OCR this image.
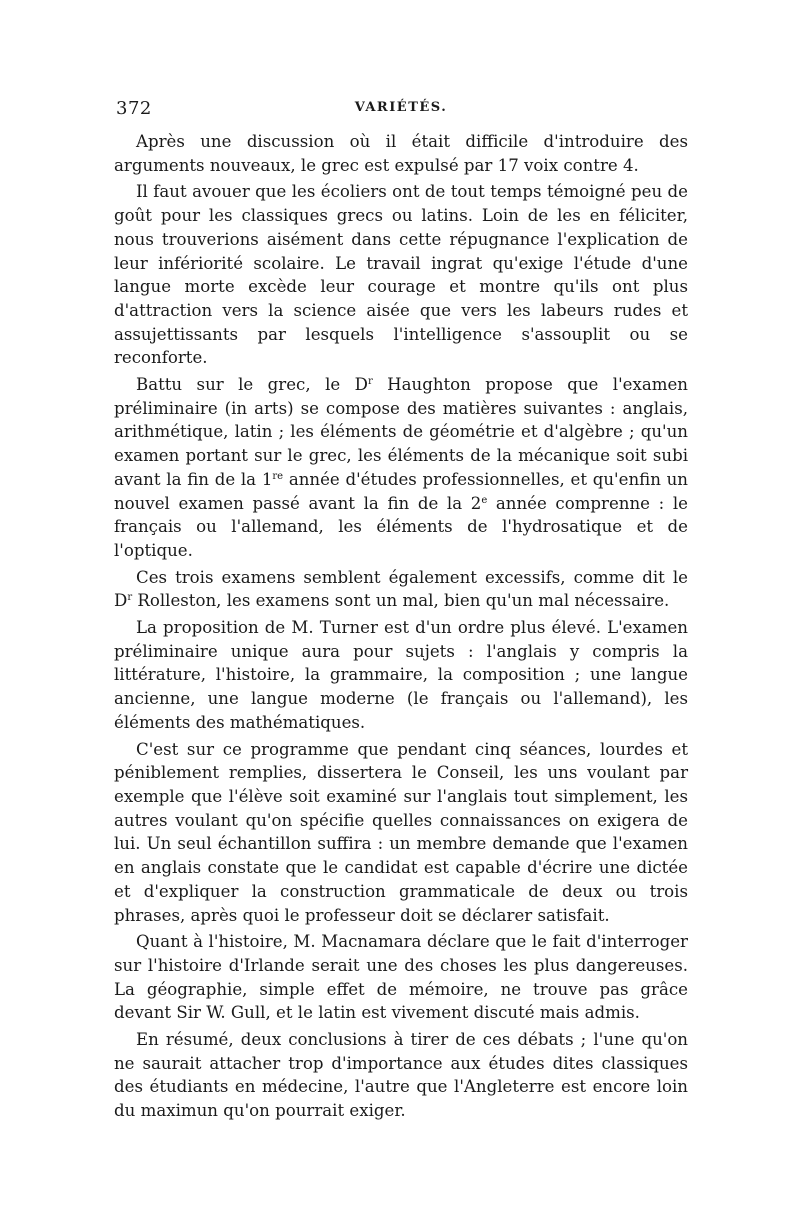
372	VARIÉTÉS.

Après une discussion où il était difficile d'introduire des arguments nouveaux, le grec est expulsé par 17 voix contre 4.

Il faut avouer que les écoliers ont de tout temps témoigné peu de goût pour les classiques grecs ou latins. Loin de les en féliciter, nous trouverions aisément dans cette répugnance l'explication de leur infériorité scolaire. Le travail ingrat qu'exige l'étude d'une langue morte excède leur courage et montre qu'ils ont plus d'attraction vers la science aisée que vers les labeurs rudes et assujettissants par lesquels l'intelligence s'assouplit ou se reconforte.

Battu sur le grec, le $D^r$ Haughton propose que l'examen préliminaire (in arts) se compose des matières suivantes : anglais, arithmétique, latin ; les éléments de géométrie et d'algèbre ; qu'un examen portant sur le grec, les éléments de la mécanique soit subi avant la fin de la 1re année d'études professionnelles, et qu'enfin un nouvel examen passé avant la fin de la 2e année comprenne : le français ou l'allemand, les éléments de l'hydrosatique et de l'optique.

Ces trois examens semblent également excessifs, comme dit le $D^r$ Rolleston, les examens sont un mal, bien qu'un mal nécessaire.

La proposition de M. Turner est d'un ordre plus élevé. L'examen préliminaire unique aura pour sujets : l'anglais y compris la littérature, l'histoire, la grammaire, la composition ; une langue ancienne, une langue moderne (le français ou l'allemand), les éléments des mathématiques.

C'est sur ce programme que pendant cinq séances, lourdes et péniblement remplies, dissertera le Conseil, les uns voulant par exemple que l'élève soit examiné sur l'anglais tout simplement, les autres voulant qu'on spécifie quelles connaissances on exigera de lui. Un seul échantillon suffira : un membre demande que l'examen en anglais constate que le candidat est capable d'écrire une dictée et d'expliquer la construction grammaticale de deux ou trois phrases, après quoi le professeur doit se déclarer satisfait.

Quant à l'histoire, M. Macnamara déclare que le fait d'interroger sur l'histoire d'Irlande serait une des choses les plus dangereuses. La géographie, simple effet de mémoire, ne trouve pas grâce devant Sir W. Gull, et le latin est vivement discuté mais admis.

En résumé, deux conclusions à tirer de ces débats ; l'une qu'on ne saurait attacher trop d'importance aux études dites classiques des étudiants en médecine, l'autre que l'Angleterre est encore loin du maximun qu'on pourrait exiger.
